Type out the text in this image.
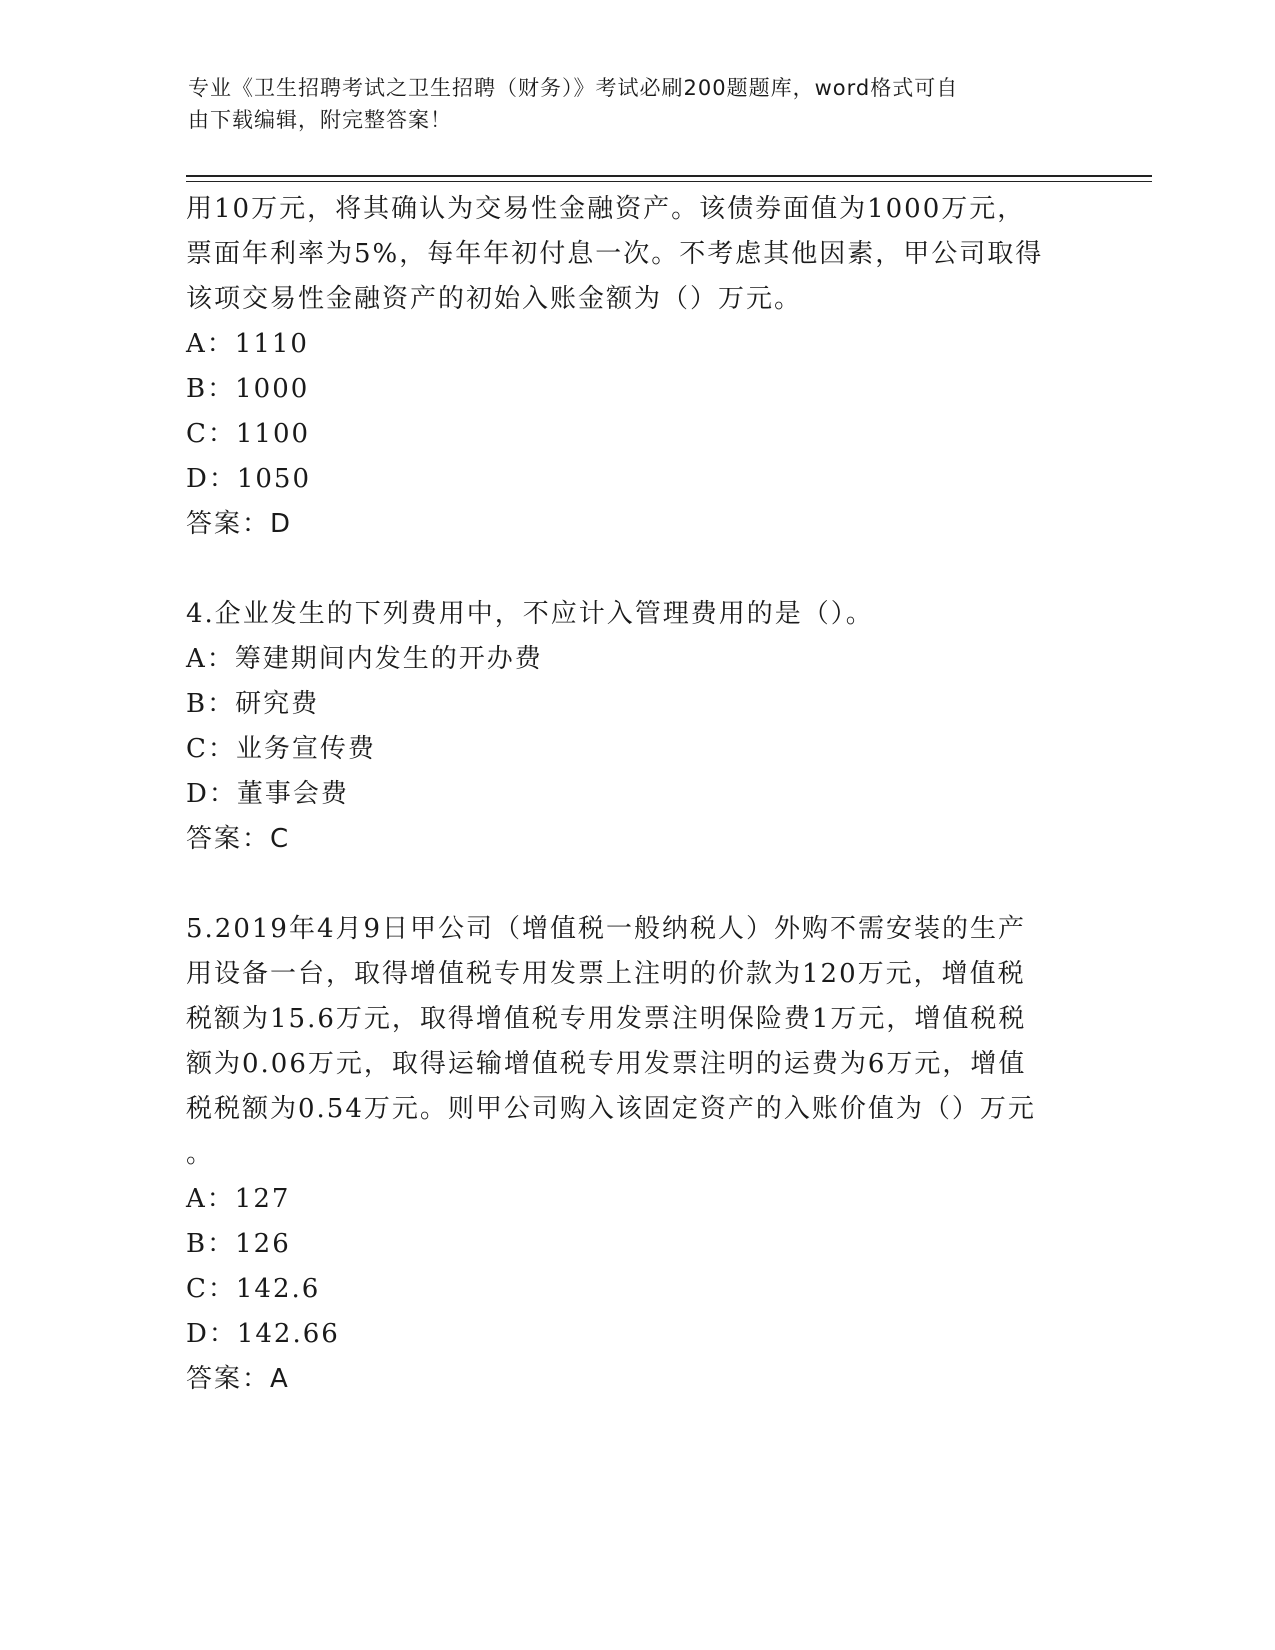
专业《卫生招聘考试之卫生招聘（财务）》考试必刷200题题库，word格式可自
由下载编辑，附完整答案！
用10万元，将其确认为交易性金融资产。该债券面值为1000万元，
票面年利率为5%，每年年初付息一次。不考虑其他因素，甲公司取得
该项交易性金融资产的初始入账金额为（）万元。
A：1110
B：1000
C：1100
D：1050
答案：D
4.企业发生的下列费用中，不应计入管理费用的是（）。
A：筹建期间内发生的开办费
B：研究费
C：业务宣传费
D：董事会费
答案：C
5.2019年4月9日甲公司（增值税一般纳税人）外购不需安装的生产
用设备一台，取得增值税专用发票上注明的价款为120万元，增值税
税额为15.6万元，取得增值税专用发票注明保险费1万元，增值税税
额为0.06万元，取得运输增值税专用发票注明的运费为6万元，增值
税税额为0.54万元。则甲公司购入该固定资产的入账价值为（）万元
。
A：127
B：126
C：142.6
D：142.66
答案：A
